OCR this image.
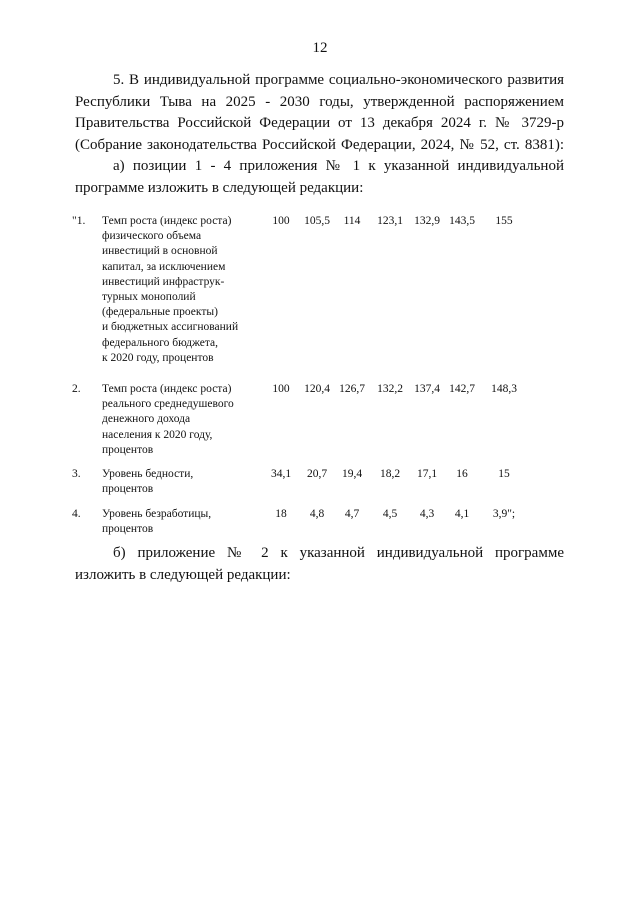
12
5. В индивидуальной программе социально-экономического развития
Республики Тыва на 2025 - 2030 годы, утвержденной распоряжением
Правительства Российской Федерации от 13 декабря 2024 г. № 3729-р
(Собрание законодательства Российской Федерации, 2024, № 52, ст. 8381):
а) позиции 1 - 4 приложения № 1 к указанной индивидуальной
программе изложить в следующей редакции:
"1.	Темп роста (индекс роста)
физического объема
инвестиций в основной
капитал, за исключением
инвестиций инфраструк-
турных монополий
(федеральные проекты)
и бюджетных ассигнований
федерального бюджета,
к 2020 году, процентов
100	105,5	114	123,1 132,9 143,5	155
2.	Темп роста (индекс роста)
реального среднедушевого
денежного дохода
населения к 2020 году,
процентов
100	120,4 126,7	132,2 137,4 142,7	148,3
3.	Уровень бедности,
процентов
34,1	20,7	19,4	18,2	17,1	16	15
4.	Уровень безработицы,
процентов
18	4,8	4,7	4,5	4,3	4,1	3,9";
б) приложение № 2 к указанной индивидуальной программе
изложить в следующей редакции:
